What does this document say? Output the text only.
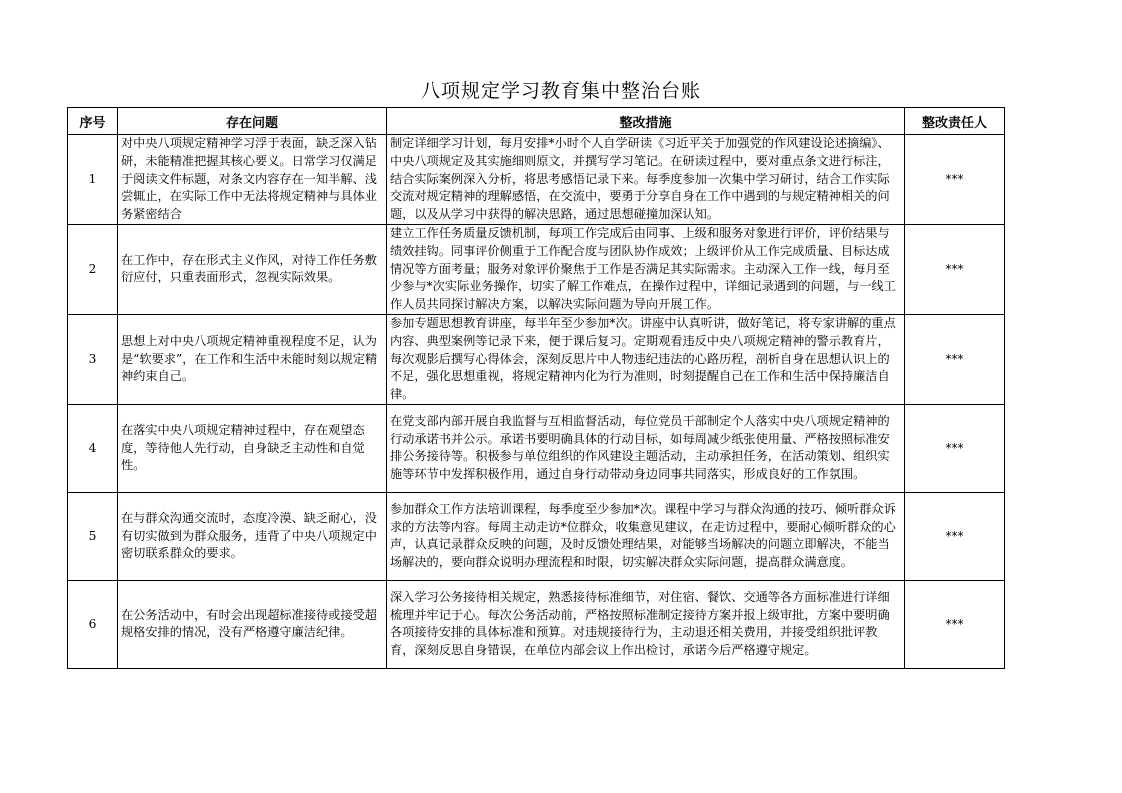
八项规定学习教育集中整治台账
序号	存在问题	整改措施	整改责任人
1	对中央八项规定精神学习浮于表面，缺乏深入钻研，未能精准把握其核心要义。日常学习仅满足于阅读文件标题，对条文内容存在一知半解、浅尝辄止，在实际工作中无法将规定精神与具体业务紧密结合	制定详细学习计划，每月安排*小时个人自学研读《习近平关于加强党的作风建设论述摘编》、中央八项规定及其实施细则原文，并撰写学习笔记。在研读过程中，要对重点条文进行标注，结合实际案例深入分析，将思考感悟记录下来。每季度参加一次集中学习研讨，结合工作实际交流对规定精神的理解感悟，在交流中，要勇于分享自身在工作中遇到的与规定精神相关的问题，以及从学习中获得的解决思路，通过思想碰撞加深认知。	***
2	在工作中，存在形式主义作风，对待工作任务敷衍应付，只重表面形式，忽视实际效果。	建立工作任务质量反馈机制，每项工作完成后由同事、上级和服务对象进行评价，评价结果与绩效挂钩。同事评价侧重于工作配合度与团队协作成效；上级评价从工作完成质量、目标达成情况等方面考量；服务对象评价聚焦于工作是否满足其实际需求。主动深入工作一线，每月至少参与*次实际业务操作，切实了解工作难点，在操作过程中，详细记录遇到的问题，与一线工作人员共同探讨解决方案，以解决实际问题为导向开展工作。	***
3	思想上对中央八项规定精神重视程度不足，认为是“软要求”，在工作和生活中未能时刻以规定精神约束自己。	参加专题思想教育讲座，每半年至少参加*次。讲座中认真听讲，做好笔记，将专家讲解的重点内容、典型案例等记录下来，便于课后复习。定期观看违反中央八项规定精神的警示教育片，每次观影后撰写心得体会，深刻反思片中人物违纪违法的心路历程，剖析自身在思想认识上的不足，强化思想重视，将规定精神内化为行为准则，时刻提醒自己在工作和生活中保持廉洁自律。	***
4	在落实中央八项规定精神过程中，存在观望态度，等待他人先行动，自身缺乏主动性和自觉性。	在党支部内部开展自我监督与互相监督活动，每位党员干部制定个人落实中央八项规定精神的行动承诺书并公示。承诺书要明确具体的行动目标，如每周减少纸张使用量、严格按照标准安排公务接待等。积极参与单位组织的作风建设主题活动，主动承担任务，在活动策划、组织实施等环节中发挥积极作用，通过自身行动带动身边同事共同落实，形成良好的工作氛围。	***
5	在与群众沟通交流时，态度冷漠、缺乏耐心，没有切实做到为群众服务，违背了中央八项规定中密切联系群众的要求。	参加群众工作方法培训课程，每季度至少参加*次。课程中学习与群众沟通的技巧、倾听群众诉求的方法等内容。每周主动走访*位群众，收集意见建议，在走访过程中，要耐心倾听群众的心声，认真记录群众反映的问题，及时反馈处理结果，对能够当场解决的问题立即解决，不能当场解决的，要向群众说明办理流程和时限，切实解决群众实际问题，提高群众满意度。	***
6	在公务活动中，有时会出现超标准接待或接受超规格安排的情况，没有严格遵守廉洁纪律。	深入学习公务接待相关规定，熟悉接待标准细节，对住宿、餐饮、交通等各方面标准进行详细梳理并牢记于心。每次公务活动前，严格按照标准制定接待方案并报上级审批，方案中要明确各项接待安排的具体标准和预算。对违规接待行为，主动退还相关费用，并接受组织批评教育，深刻反思自身错误，在单位内部会议上作出检讨，承诺今后严格遵守规定。	***
